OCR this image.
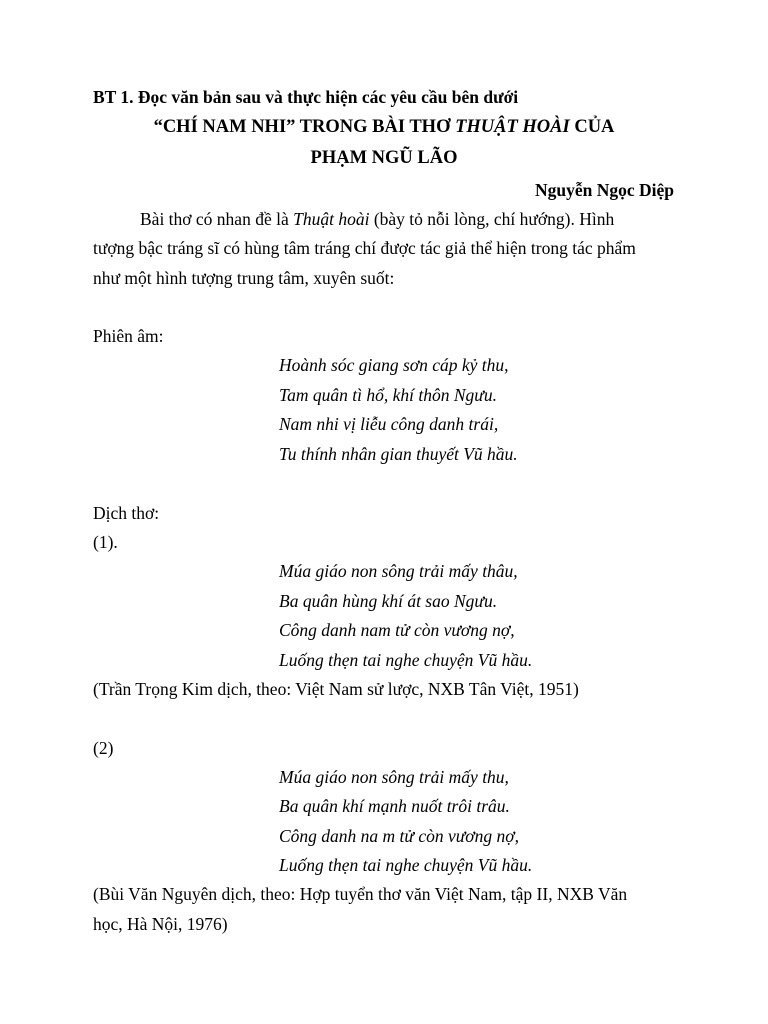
BT 1. Đọc văn bản sau và thực hiện các yêu cầu bên dưới
“CHÍ NAM NHI” TRONG BÀI THƠ THUẬT HOÀI CỦA
PHẠM NGŨ LÃO
Nguyễn Ngọc Diệp
Bài thơ có nhan đề là Thuật hoài (bày tỏ nỗi lòng, chí hướng). Hình
tượng bậc tráng sĩ có hùng tâm tráng chí được tác giả thể hiện trong tác phẩm
như một hình tượng trung tâm, xuyên suốt:
Phiên âm:
Hoành sóc giang sơn cáp kỷ thu,
Tam quân tì hổ, khí thôn Ngưu.
Nam nhi vị liễu công danh trái,
Tu thính nhân gian thuyết Vũ hầu.
Dịch thơ:
(1).
Múa giáo non sông trải mấy thâu,
Ba quân hùng khí át sao Ngưu.
Công danh nam tử còn vương nợ,
Luống thẹn tai nghe chuyện Vũ hầu.
(Trần Trọng Kim dịch, theo: Việt Nam sử lược, NXB Tân Việt, 1951)
(2)
Múa giáo non sông trải mấy thu,
Ba quân khí mạnh nuốt trôi trâu.
Công danh na m tử còn vương nợ,
Luống thẹn tai nghe chuyện Vũ hầu.
(Bùi Văn Nguyên dịch, theo: Hợp tuyển thơ văn Việt Nam, tập II, NXB Văn
học, Hà Nội, 1976)
